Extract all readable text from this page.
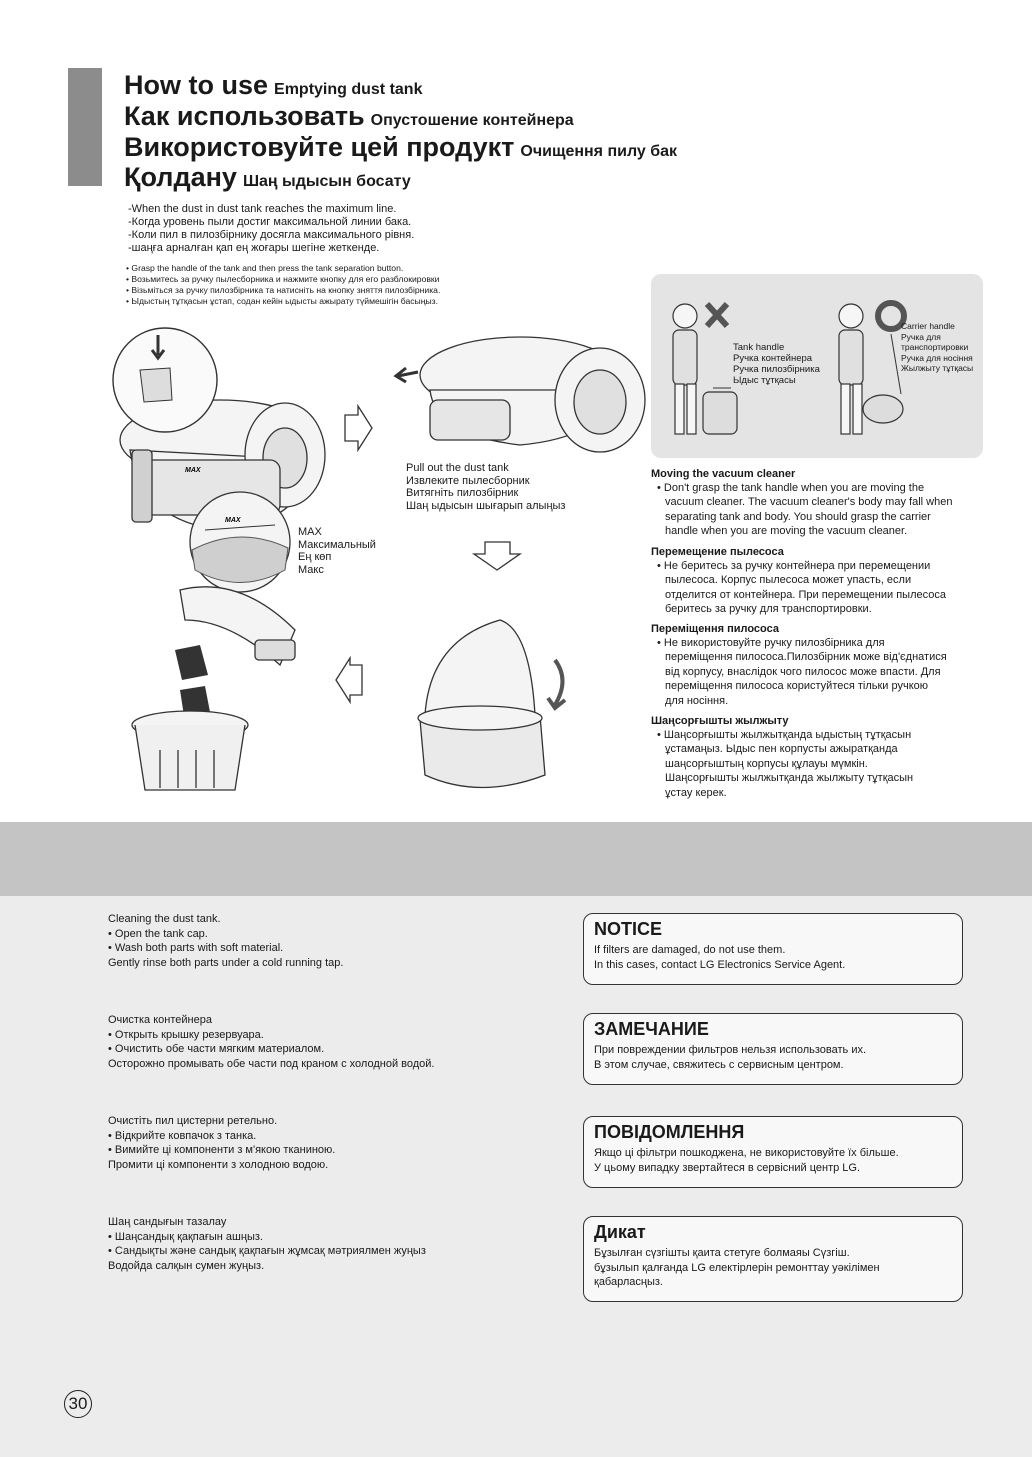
How to use Emptying dust tank
Как использовать Опустошение контейнера
Використовуйте цей продукт Очищення пилу бак
Қолдану Шаң ыдысын босату
-When the dust in dust tank reaches the maximum line.
-Когда уровень пыли достиг максимальной линии бака.
-Коли пил в пилозбірнику досягла максимального рівня.
-шаңға арналған қап ең жоғары шегіне жеткенде.
• Grasp the handle of the tank and then press the tank separation button.
• Возьмитесь за ручку пылесборника и нажмите кнопку для его разблокировки
• Візьміться за ручку пилозбірника та натисніть на кнопку зняття пилозбірника.
• Ыдыстың тұтқасын ұстап, содан кейін ыдысты ажырату түймешігін басыңыз.
MAX
MAX
Pull out the dust tank
Извлеките пылесборник
Витягніть пилозбірник
Шаң ыдысын шығарып алыңыз
MAX
Максимальный
Ең көп
Макс
Tank handle
Ручка контейнера
Ручка пилозбірника
Ыдыс тұтқасы
Carrier handle
Ручка для
транспортировки
Ручка для носіння
Жылжыту тұтқасы
Moving the vacuum cleaner

• Don't grasp the tank handle when you are moving the

vacuum cleaner. The vacuum cleaner's body may fall when

separating tank and body. You should grasp the carrier

handle when you are moving the vacuum cleaner.

Перемещение пылесоса

• Не беритесь за ручку контейнера при перемещении

пылесоса. Корпус пылесоса может упасть, если

отделится от контейнера. При перемещении пылесоса

беритесь за ручку для транспортировки.

Переміщення пилососа

• Не використовуйте ручку пилозбірника для

переміщення пилососа.Пилозбірник може від'єднатися

від корпусу, внаслідок чого пилосос може впасти. Для

переміщення пилососа користуйтеся тільки ручкою

для носіння.

Шаңсорғышты жылжыту

• Шаңсорғышты жылжытқанда ыдыстың тұтқасын

ұстамаңыз. Ыдыс пен корпусты ажыратқанда

шаңсорғыштың корпусы құлауы мүмкін.

Шаңсорғышты жылжытқанда жылжыту тұтқасын

ұстау керек.

Cleaning the dust tank.
• Open the tank cap.
• Wash both parts with soft material.
Gently rinse both parts under a cold running tap.
Очистка контейнера
• Открыть крышку резервуара.
• Очистить обе части мягким материалом.
Осторожно промывать обе части под краном с холодной водой.
Очистіть пил цистерни ретельно.
• Відкрийте ковпачок з танка.
• Вимийте ці компоненти з м'якою тканиною.
Промити ці компоненти з холодною водою.
Шаң сандығын тазалау
• Шаңсандық қақпағын ашңыз.
• Сандықты және сандық қақпағын жұмсақ мәтриялмен жуңыз
Водойда салқын сумен жуңыз.
NOTICE
If filters are damaged, do not use them.
In this cases, contact LG Electronics Service Agent.
ЗАМЕЧАНИЕ
При повреждении фильтров нельзя использовать их.
В этом случае, свяжитесь с сервисным центром.
ПОВІДОМЛЕННЯ
Якщо ці фільтри пошкоджена, не використовуйте їх більше.
У цьому випадку звертайтеся в сервісний центр LG.
Дикат
Бұзылған сүзгішты қаита стетуге болмаяы Сүзгіш.
бұзылып қалғанда LG електірлерін ремонттау уәкілімен
қабарласңыз.
30
